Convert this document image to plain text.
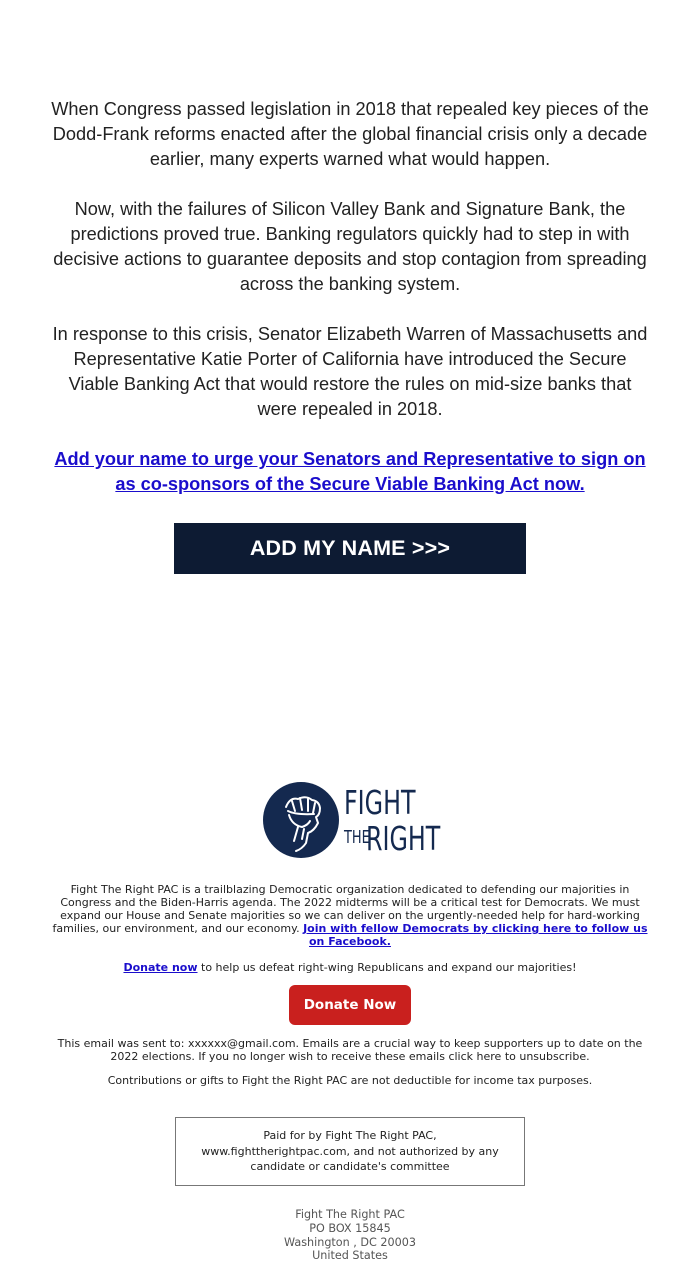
When Congress passed legislation in 2018 that repealed key pieces of the Dodd-Frank reforms enacted after the global financial crisis only a decade earlier, many experts warned what would happen.

Now, with the failures of Silicon Valley Bank and Signature Bank, the predictions proved true. Banking regulators quickly had to step in with decisive actions to guarantee deposits and stop contagion from spreading across the banking system.

In response to this crisis, Senator Elizabeth Warren of Massachusetts and Representative Katie Porter of California have introduced the Secure Viable Banking Act that would restore the rules on mid-size banks that were repealed in 2018.

Add your name to urge your Senators and Representative to sign on as co-sponsors of the Secure Viable Banking Act now.
ADD MY NAME >>>
FIGHT
THE
RIGHT
Fight The Right PAC is a trailblazing Democratic organization dedicated to defending our majorities in Congress and the Biden-Harris agenda. The 2022 midterms will be a critical test for Democrats. We must expand our House and Senate majorities so we can deliver on the urgently-needed help for hard-working families, our environment, and our economy. Join with fellow Democrats by clicking here to follow us on Facebook.
Donate now to help us defeat right-wing Republicans and expand our majorities!
Donate Now
This email was sent to: xxxxxx@gmail.com. Emails are a crucial way to keep supporters up to date on the 2022 elections. If you no longer wish to receive these emails click here to unsubscribe.
Contributions or gifts to Fight the Right PAC are not deductible for income tax purposes.
Paid for by Fight The Right PAC, www.fighttherightpac.com, and not authorized by any candidate or candidate's committee
Fight The Right PAC
PO BOX 15845
Washington , DC 20003
United States
